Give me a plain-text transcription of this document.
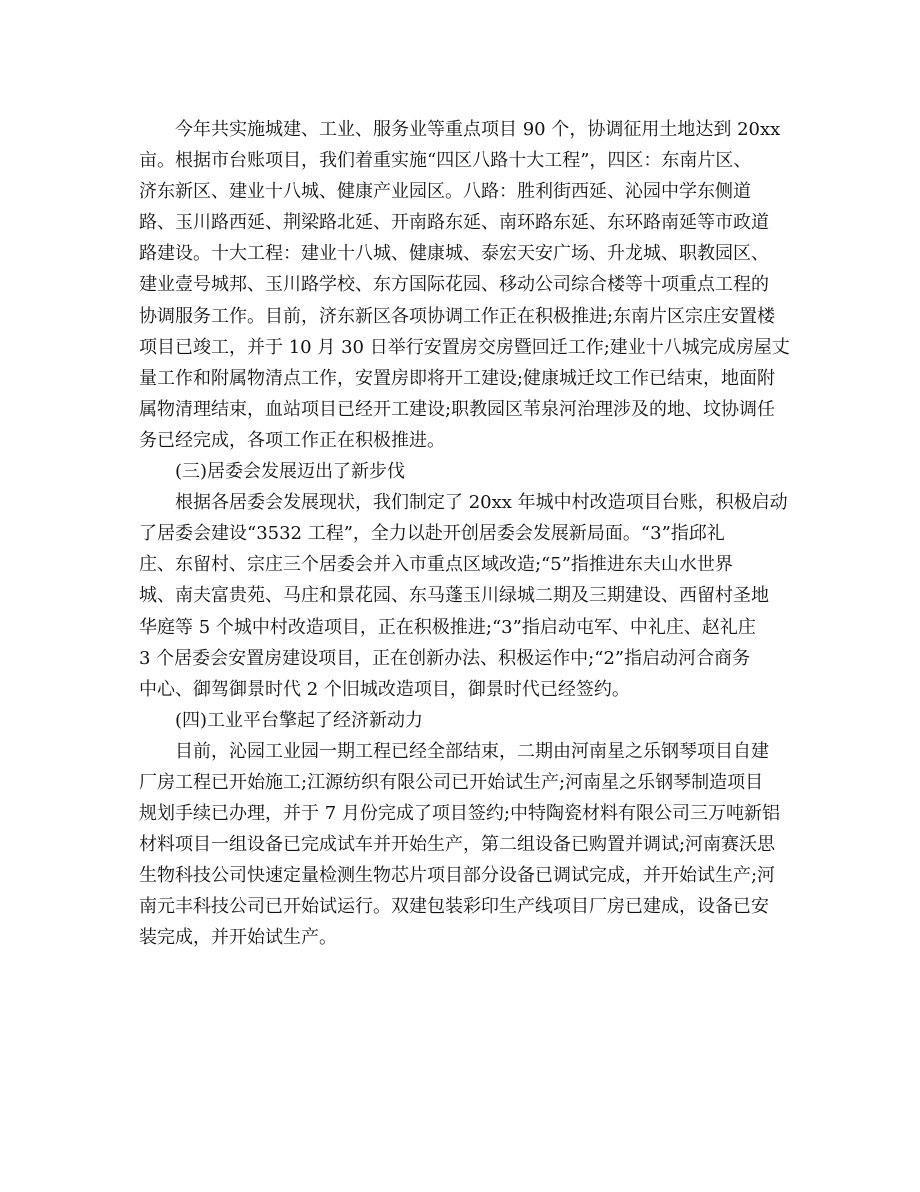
今年共实施城建、工业、服务业等重点项目 90 个，协调征用土地达到 20xx
亩。根据市台账项目，我们着重实施“四区八路十大工程”，四区：东南片区、
济东新区、建业十八城、健康产业园区。八路：胜利街西延、沁园中学东侧道
路、玉川路西延、荆梁路北延、开南路东延、南环路东延、东环路南延等市政道
路建设。十大工程：建业十八城、健康城、泰宏天安广场、升龙城、职教园区、
建业壹号城邦、玉川路学校、东方国际花园、移动公司综合楼等十项重点工程的
协调服务工作。目前，济东新区各项协调工作正在积极推进;东南片区宗庄安置楼
项目已竣工，并于 10 月 30 日举行安置房交房暨回迁工作;建业十八城完成房屋丈
量工作和附属物清点工作，安置房即将开工建设;健康城迁坟工作已结束，地面附
属物清理结束，血站项目已经开工建设;职教园区苇泉河治理涉及的地、坟协调任
务已经完成，各项工作正在积极推进。
(三)居委会发展迈出了新步伐
根据各居委会发展现状，我们制定了 20xx 年城中村改造项目台账，积极启动
了居委会建设“3532 工程”，全力以赴开创居委会发展新局面。“3”指邱礼
庄、东留村、宗庄三个居委会并入市重点区域改造;“5”指推进东夫山水世界
城、南夫富贵苑、马庄和景花园、东马蓬玉川绿城二期及三期建设、西留村圣地
华庭等 5 个城中村改造项目，正在积极推进;“3”指启动屯军、中礼庄、赵礼庄
3 个居委会安置房建设项目，正在创新办法、积极运作中;“2”指启动河合商务
中心、御驾御景时代 2 个旧城改造项目，御景时代已经签约。
(四)工业平台擎起了经济新动力
目前，沁园工业园一期工程已经全部结束，二期由河南星之乐钢琴项目自建
厂房工程已开始施工;江源纺织有限公司已开始试生产;河南星之乐钢琴制造项目
规划手续已办理，并于 7 月份完成了项目签约;中特陶瓷材料有限公司三万吨新铝
材料项目一组设备已完成试车并开始生产，第二组设备已购置并调试;河南赛沃思
生物科技公司快速定量检测生物芯片项目部分设备已调试完成，并开始试生产;河
南元丰科技公司已开始试运行。双建包装彩印生产线项目厂房已建成，设备已安
装完成，并开始试生产。
